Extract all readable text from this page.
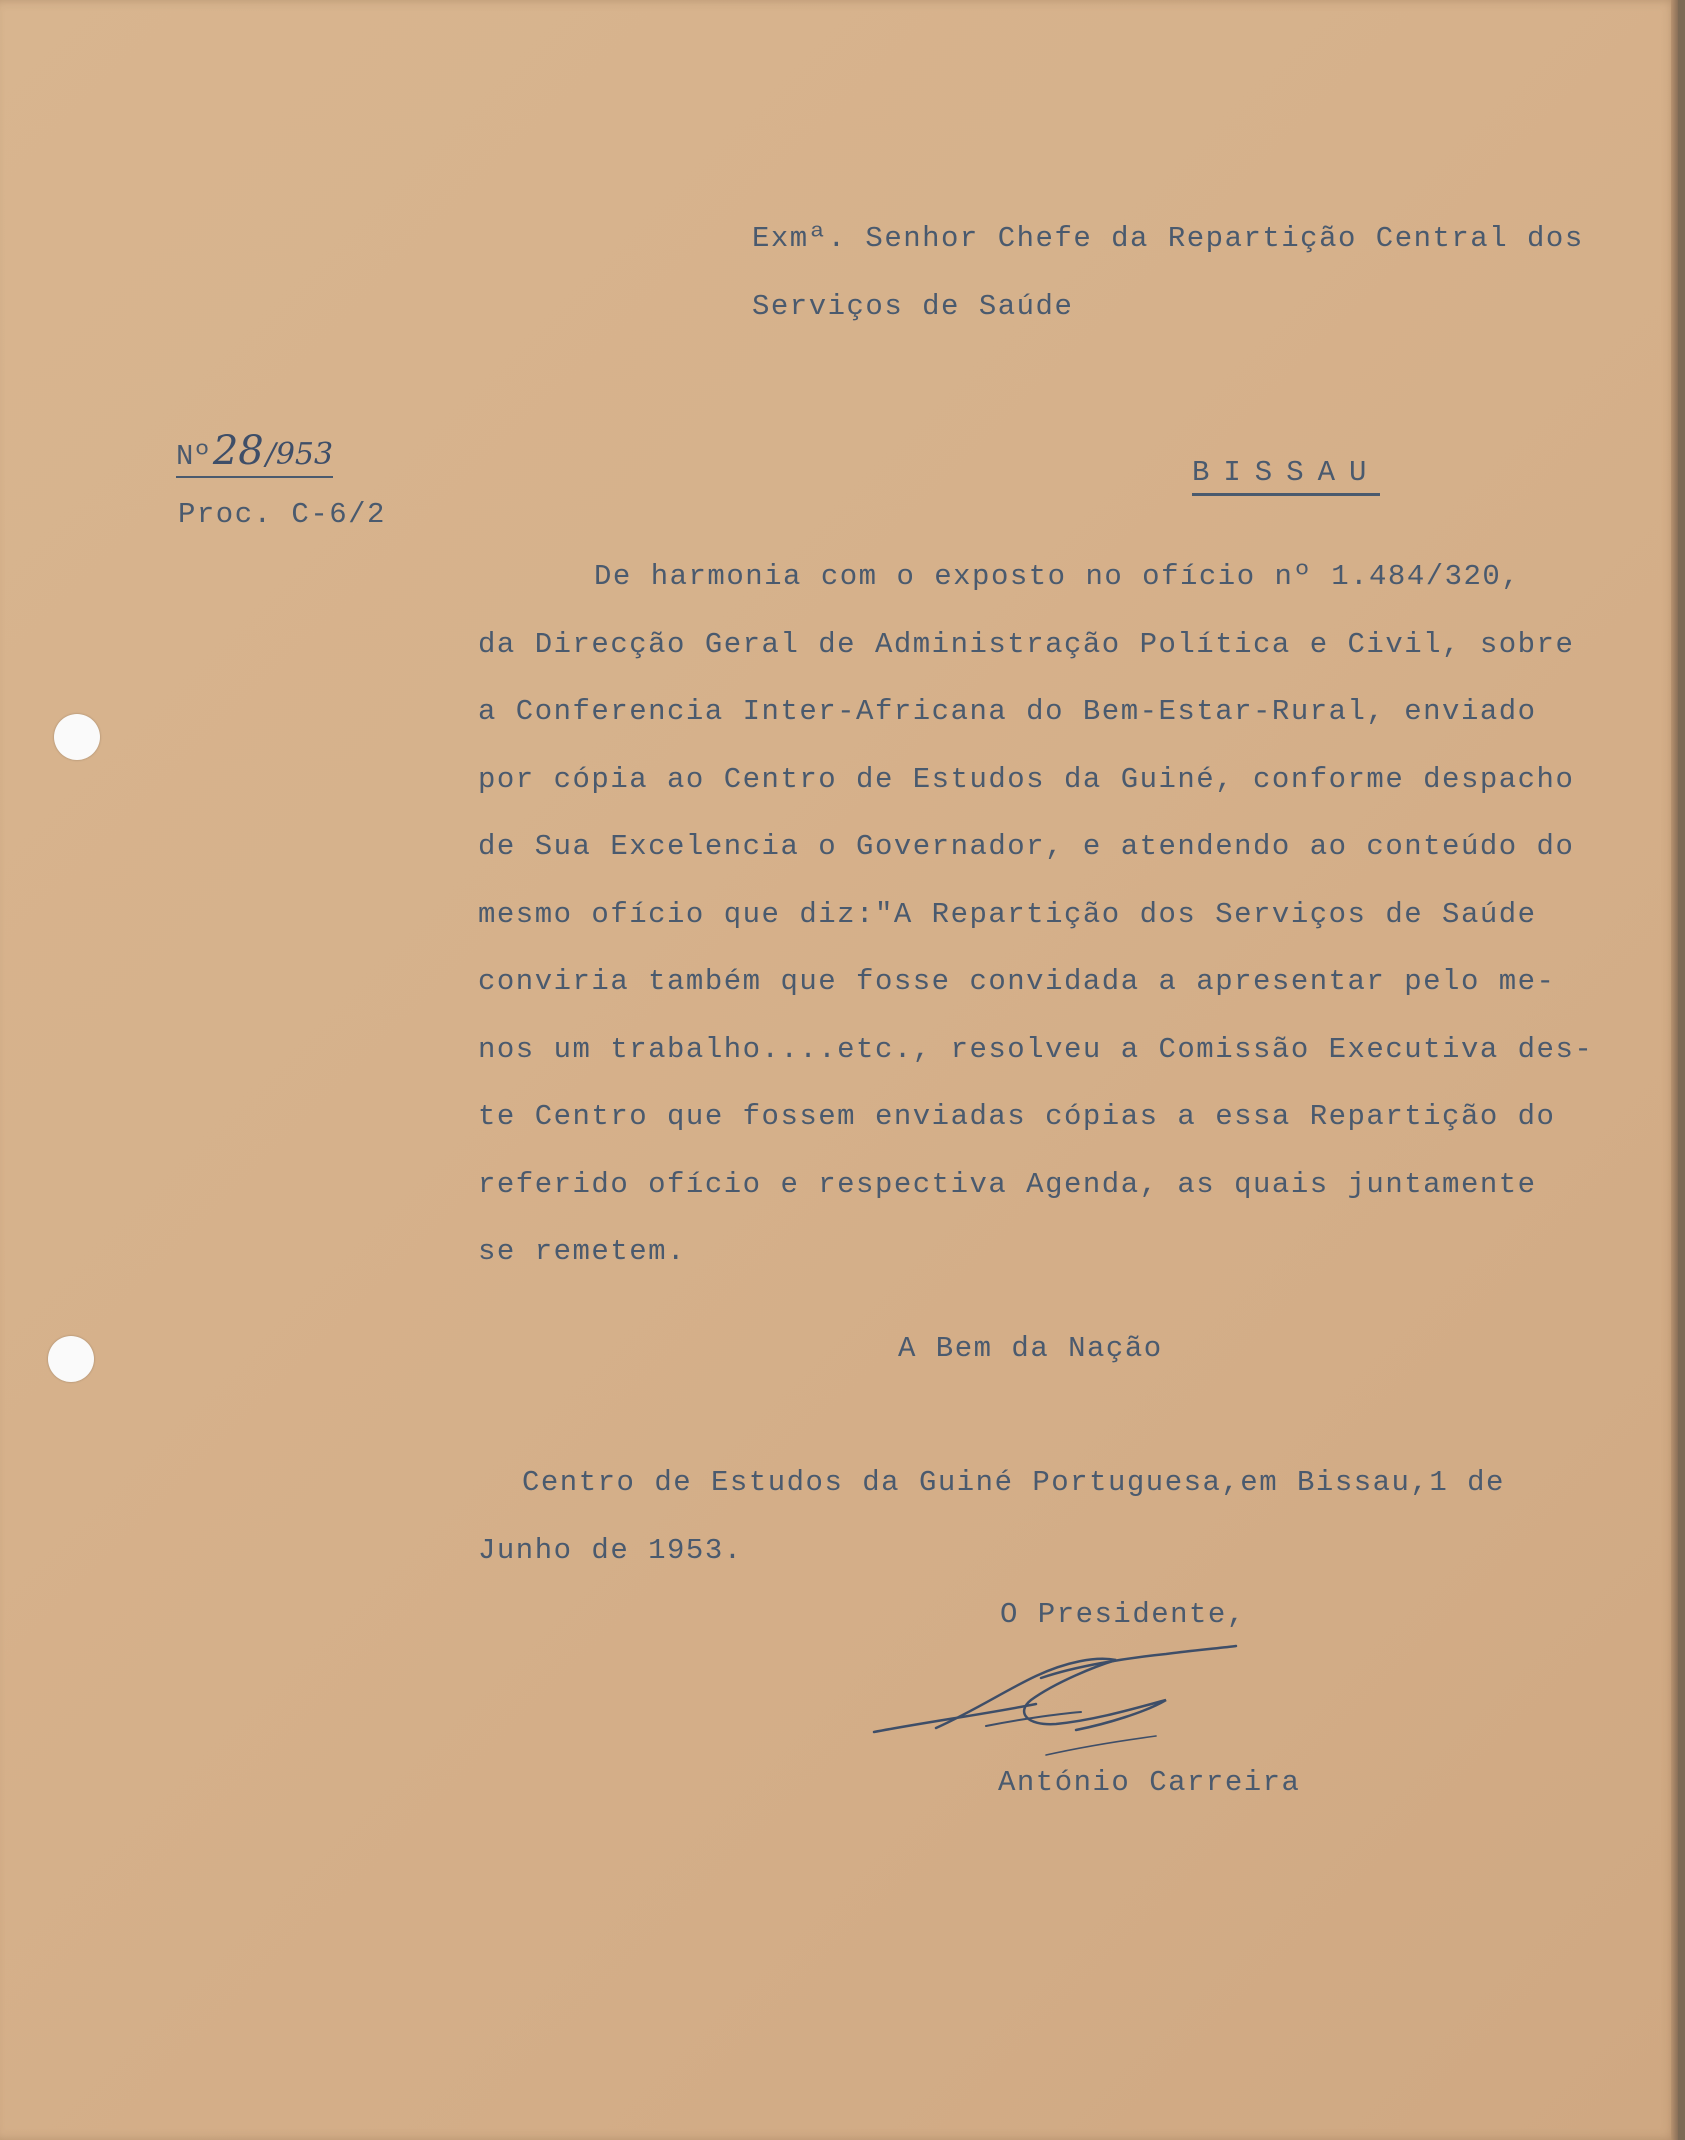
Exmª. Senhor Chefe da Repartição Central dos
Serviços de Saúde
Nº28/953
Proc. C-6/2
BISSAU
De harmonia com o exposto no ofício nº 1.484/320,
da Direcção Geral de Administração Política e Civil, sobre
a Conferencia Inter-Africana do Bem-Estar-Rural, enviado
por cópia ao Centro de Estudos da Guiné, conforme despacho
de Sua Excelencia o Governador, e atendendo ao conteúdo do
mesmo ofício que diz:"A Repartição dos Serviços de Saúde
conviria também que fosse convidada a apresentar pelo me-
nos um trabalho....etc., resolveu a Comissão Executiva des-
te Centro que fossem enviadas cópias a essa Repartição do
referido ofício e respectiva Agenda, as quais juntamente
se remetem.
A Bem da Nação
Centro de Estudos da Guiné Portuguesa,em Bissau,1 de
Junho de 1953.
O Presidente,
António Carreira
